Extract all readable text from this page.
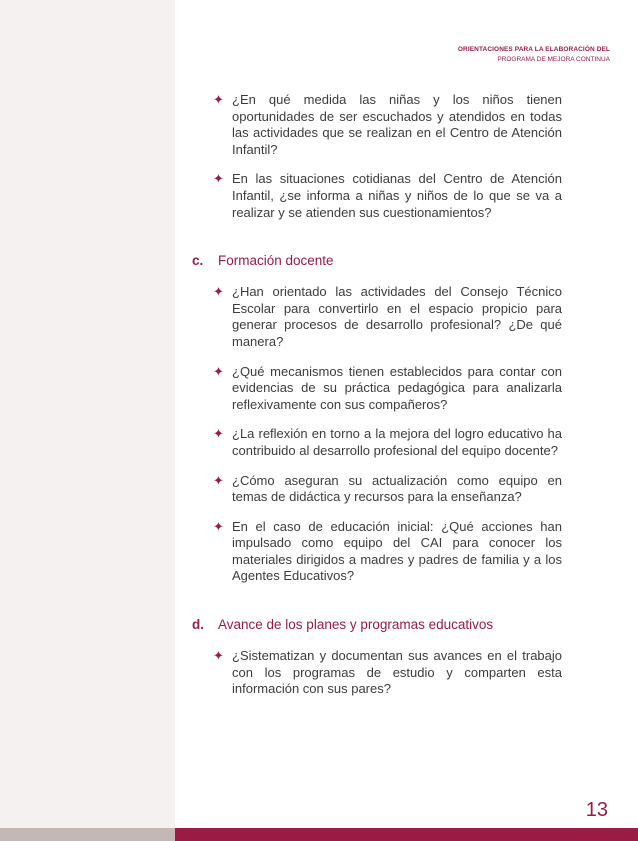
ORIENTACIONES PARA LA ELABORACIÓN DEL
PROGRAMA DE MEJORA CONTINUA
✦ ¿En qué medida las niñas y los niños tienen oportunidades de ser escuchados y atendidos en todas las actividades que se realizan en el Centro de Atención Infantil?
✦ En las situaciones cotidianas del Centro de Atención Infantil, ¿se informa a niñas y niños de lo que se va a realizar y se atienden sus cuestionamientos?
c.	Formación docente
✦ ¿Han orientado las actividades del Consejo Técnico Escolar para convertirlo en el espacio propicio para generar procesos de desarrollo profesional? ¿De qué manera?
✦ ¿Qué mecanismos tienen establecidos para contar con evidencias de su práctica pedagógica para analizarla reflexivamente con sus compañeros?
✦ ¿La reflexión en torno a la mejora del logro educativo ha contribuido al desarrollo profesional del equipo docente?
✦ ¿Cómo aseguran su actualización como equipo en temas de didáctica y recursos para la enseñanza?
✦ En el caso de educación inicial: ¿Qué acciones han impulsado como equipo del CAI para conocer los materiales dirigidos a madres y padres de familia y a los Agentes Educativos?
d.	Avance de los planes y programas educativos
✦ ¿Sistematizan y documentan sus avances en el trabajo con los programas de estudio y comparten esta información con sus pares?
13
